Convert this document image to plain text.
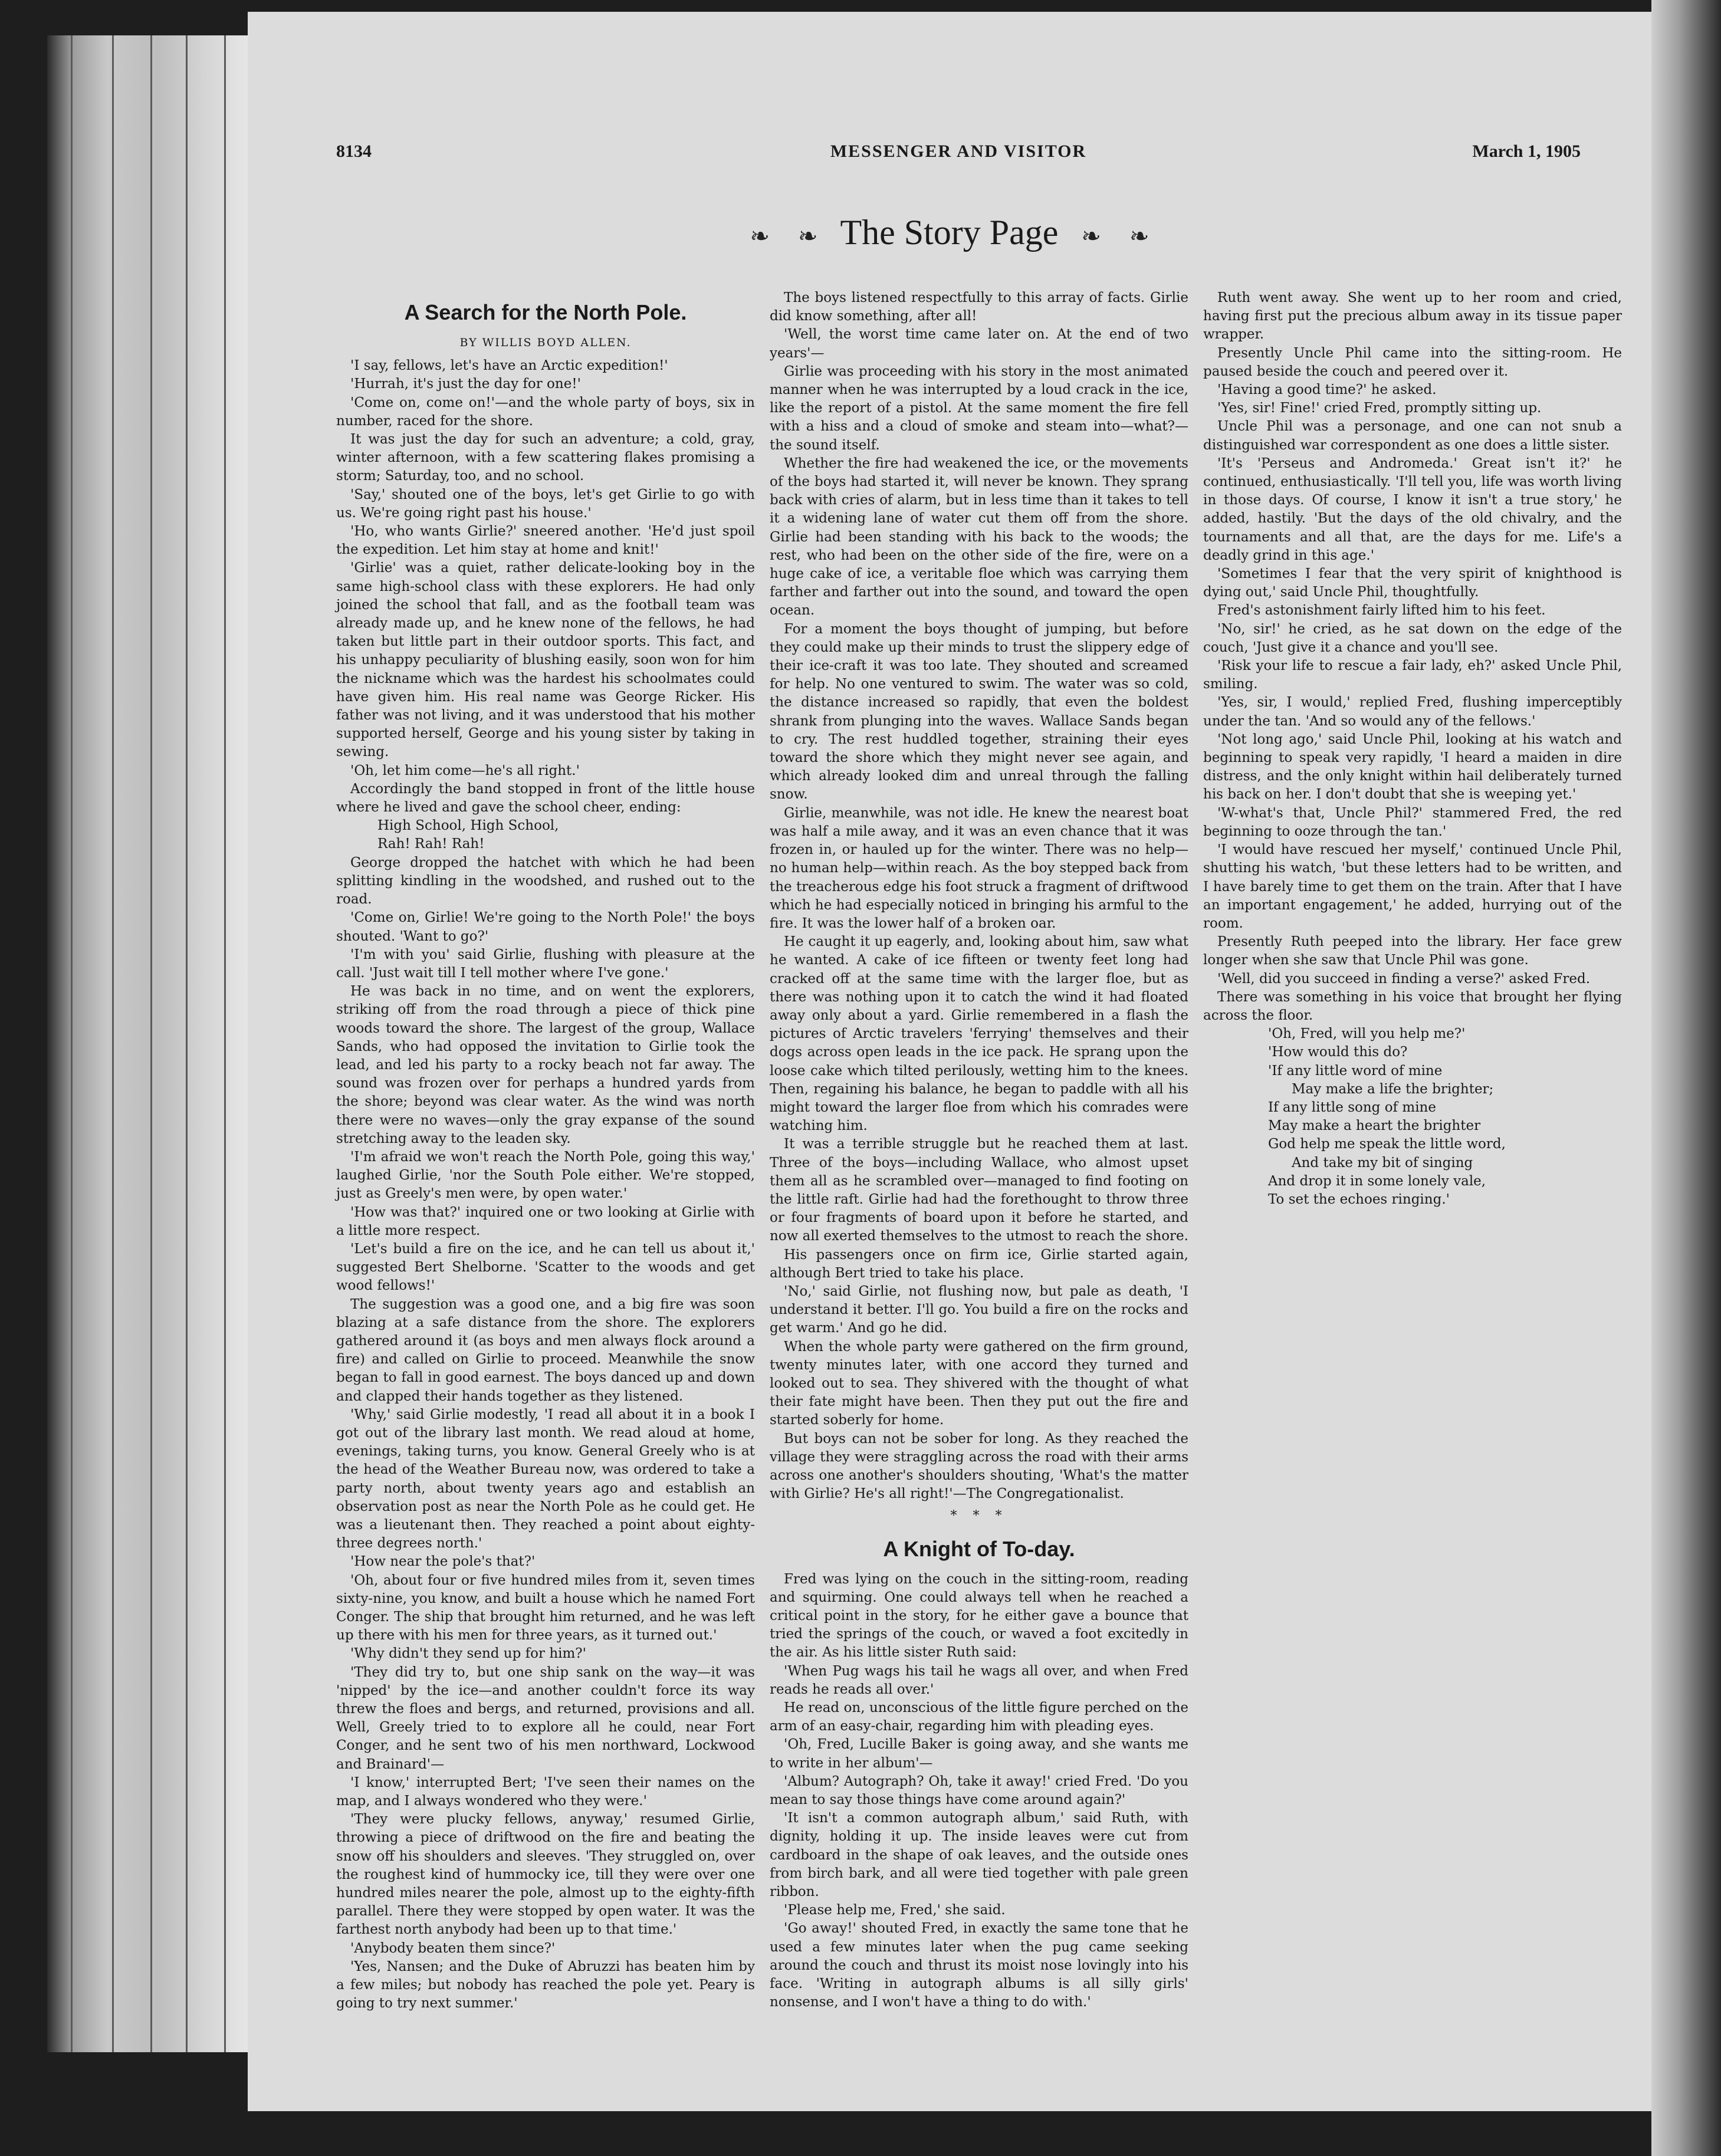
8134	MESSENGER AND VISITOR	March 1, 1905
❧ ❧ The Story Page ❧ ❧

A Search for the North Pole.

BY WILLIS BOYD ALLEN.

'I say, fellows, let's have an Arctic expedition!'

'Hurrah, it's just the day for one!'

'Come on, come on!'—and the whole party of boys, six in number, raced for the shore.

It was just the day for such an adventure; a cold, gray, winter afternoon, with a few scattering flakes promising a storm; Saturday, too, and no school.

'Say,' shouted one of the boys, let's get Girlie to go with us. We're going right past his house.'

'Ho, who wants Girlie?' sneered another. 'He'd just spoil the expedition. Let him stay at home and knit!'

'Girlie' was a quiet, rather delicate-looking boy in the same high-school class with these explorers. He had only joined the school that fall, and as the football team was already made up, and he knew none of the fellows, he had taken but little part in their outdoor sports. This fact, and his unhappy peculiarity of blushing easily, soon won for him the nickname which was the hardest his schoolmates could have given him. His real name was George Ricker. His father was not living, and it was understood that his mother supported herself, George and his young sister by taking in sewing.

'Oh, let him come—he's all right.'

Accordingly the band stopped in front of the little house where he lived and gave the school cheer, ending:

High School, High School,

Rah! Rah! Rah!

George dropped the hatchet with which he had been splitting kindling in the woodshed, and rushed out to the road.

'Come on, Girlie! We're going to the North Pole!' the boys shouted. 'Want to go?'

'I'm with you' said Girlie, flushing with pleasure at the call. 'Just wait till I tell mother where I've gone.'

He was back in no time, and on went the explorers, striking off from the road through a piece of thick pine woods toward the shore. The largest of the group, Wallace Sands, who had opposed the invitation to Girlie took the lead, and led his party to a rocky beach not far away. The sound was frozen over for perhaps a hundred yards from the shore; beyond was clear water. As the wind was north there were no waves—only the gray expanse of the sound stretching away to the leaden sky.

'I'm afraid we won't reach the North Pole, going this way,' laughed Girlie, 'nor the South Pole either. We're stopped, just as Greely's men were, by open water.'

'How was that?' inquired one or two looking at Girlie with a little more respect.

'Let's build a fire on the ice, and he can tell us about it,' suggested Bert Shelborne. 'Scatter to the woods and get wood fellows!'

The suggestion was a good one, and a big fire was soon blazing at a safe distance from the shore. The explorers gathered around it (as boys and men always flock around a fire) and called on Girlie to proceed. Meanwhile the snow began to fall in good earnest. The boys danced up and down and clapped their hands together as they listened.

'Why,' said Girlie modestly, 'I read all about it in a book I got out of the library last month. We read aloud at home, evenings, taking turns, you know. General Greely who is at the head of the Weather Bureau now, was ordered to take a party north, about twenty years ago and establish an observation post as near the North Pole as he could get. He was a lieutenant then. They reached a point about eighty-three degrees north.'

'How near the pole's that?'

'Oh, about four or five hundred miles from it, seven times sixty-nine, you know, and built a house which he named Fort Conger. The ship that brought him returned, and he was left up there with his men for three years, as it turned out.'

'Why didn't they send up for him?'

'They did try to, but one ship sank on the way—it was 'nipped' by the ice—and another couldn't force its way threw the floes and bergs, and returned, provisions and all. Well, Greely tried to to explore all he could, near Fort Conger, and he sent two of his men northward, Lockwood and Brainard'—

'I know,' interrupted Bert; 'I've seen their names on the map, and I always wondered who they were.'

'They were plucky fellows, anyway,' resumed Girlie, throwing a piece of driftwood on the fire and beating the snow off his shoulders and sleeves. 'They struggled on, over the roughest kind of hummocky ice, till they were over one hundred miles nearer the pole, almost up to the eighty-fifth parallel. There they were stopped by open water. It was the farthest north anybody had been up to that time.'

'Anybody beaten them since?'

'Yes, Nansen; and the Duke of Abruzzi has beaten him by a few miles; but nobody has reached the pole yet. Peary is going to try next summer.'

The boys listened respectfully to this array of facts. Girlie did know something, after all!

'Well, the worst time came later on. At the end of two years'—

Girlie was proceeding with his story in the most animated manner when he was interrupted by a loud crack in the ice, like the report of a pistol. At the same moment the fire fell with a hiss and a cloud of smoke and steam into—what?—the sound itself.

Whether the fire had weakened the ice, or the movements of the boys had started it, will never be known. They sprang back with cries of alarm, but in less time than it takes to tell it a widening lane of water cut them off from the shore. Girlie had been standing with his back to the woods; the rest, who had been on the other side of the fire, were on a huge cake of ice, a veritable floe which was carrying them farther and farther out into the sound, and toward the open ocean.

For a moment the boys thought of jumping, but before they could make up their minds to trust the slippery edge of their ice-craft it was too late. They shouted and screamed for help. No one ventured to swim. The water was so cold, the distance increased so rapidly, that even the boldest shrank from plunging into the waves. Wallace Sands began to cry. The rest huddled together, straining their eyes toward the shore which they might never see again, and which already looked dim and unreal through the falling snow.

Girlie, meanwhile, was not idle. He knew the nearest boat was half a mile away, and it was an even chance that it was frozen in, or hauled up for the winter. There was no help—no human help—within reach. As the boy stepped back from the treacherous edge his foot struck a fragment of driftwood which he had especially noticed in bringing his armful to the fire. It was the lower half of a broken oar.

He caught it up eagerly, and, looking about him, saw what he wanted. A cake of ice fifteen or twenty feet long had cracked off at the same time with the larger floe, but as there was nothing upon it to catch the wind it had floated away only about a yard. Girlie remembered in a flash the pictures of Arctic travelers 'ferrying' themselves and their dogs across open leads in the ice pack. He sprang upon the loose cake which tilted perilously, wetting him to the knees. Then, regaining his balance, he began to paddle with all his might toward the larger floe from which his comrades were watching him.

It was a terrible struggle but he reached them at last. Three of the boys—including Wallace, who almost upset them all as he scrambled over—managed to find footing on the little raft. Girlie had had the forethought to throw three or four fragments of board upon it before he started, and now all exerted themselves to the utmost to reach the shore.

His passengers once on firm ice, Girlie started again, although Bert tried to take his place.

'No,' said Girlie, not flushing now, but pale as death, 'I understand it better. I'll go. You build a fire on the rocks and get warm.' And go he did.

When the whole party were gathered on the firm ground, twenty minutes later, with one accord they turned and looked out to sea. They shivered with the thought of what their fate might have been. Then they put out the fire and started soberly for home.

But boys can not be sober for long. As they reached the village they were straggling across the road with their arms across one another's shoulders shouting, 'What's the matter with Girlie? He's all right!'—The Congregationalist.

* * *

A Knight of To-day.

Fred was lying on the couch in the sitting-room, reading and squirming. One could always tell when he reached a critical point in the story, for he either gave a bounce that tried the springs of the couch, or waved a foot excitedly in the air. As his little sister Ruth said:

'When Pug wags his tail he wags all over, and when Fred reads he reads all over.'

He read on, unconscious of the little figure perched on the arm of an easy-chair, regarding him with pleading eyes.

'Oh, Fred, Lucille Baker is going away, and she wants me to write in her album'—

'Album? Autograph? Oh, take it away!' cried Fred. 'Do you mean to say those things have come around again?'

'It isn't a common autograph album,' said Ruth, with dignity, holding it up. The inside leaves were cut from cardboard in the shape of oak leaves, and the outside ones from birch bark, and all were tied together with pale green ribbon.

'Please help me, Fred,' she said.

'Go away!' shouted Fred, in exactly the same tone that he used a few minutes later when the pug came seeking around the couch and thrust its moist nose lovingly into his face. 'Writing in autograph albums is all silly girls' nonsense, and I won't have a thing to do with.'

Ruth went away. She went up to her room and cried, having first put the precious album away in its tissue paper wrapper.

Presently Uncle Phil came into the sitting-room. He paused beside the couch and peered over it.

'Having a good time?' he asked.

'Yes, sir! Fine!' cried Fred, promptly sitting up.

Uncle Phil was a personage, and one can not snub a distinguished war correspondent as one does a little sister.

'It's 'Perseus and Andromeda.' Great isn't it?' he continued, enthusiastically. 'I'll tell you, life was worth living in those days. Of course, I know it isn't a true story,' he added, hastily. 'But the days of the old chivalry, and the tournaments and all that, are the days for me. Life's a deadly grind in this age.'

'Sometimes I fear that the very spirit of knighthood is dying out,' said Uncle Phil, thoughtfully.

Fred's astonishment fairly lifted him to his feet.

'No, sir!' he cried, as he sat down on the edge of the couch, 'Just give it a chance and you'll see.

'Risk your life to rescue a fair lady, eh?' asked Uncle Phil, smiling.

'Yes, sir, I would,' replied Fred, flushing imperceptibly under the tan. 'And so would any of the fellows.'

'Not long ago,' said Uncle Phil, looking at his watch and beginning to speak very rapidly, 'I heard a maiden in dire distress, and the only knight within hail deliberately turned his back on her. I don't doubt that she is weeping yet.'

'W-what's that, Uncle Phil?' stammered Fred, the red beginning to ooze through the tan.'

'I would have rescued her myself,' continued Uncle Phil, shutting his watch, 'but these letters had to be written, and I have barely time to get them on the train. After that I have an important engagement,' he added, hurrying out of the room.

Presently Ruth peeped into the library. Her face grew longer when she saw that Uncle Phil was gone.

'Well, did you succeed in finding a verse?' asked Fred.

There was something in his voice that brought her flying across the floor.

'Oh, Fred, will you help me?'

'How would this do?

'If any little word of mine

May make a life the brighter;

If any little song of mine

May make a heart the brighter

God help me speak the little word,

And take my bit of singing

And drop it in some lonely vale,

To set the echoes ringing.'
